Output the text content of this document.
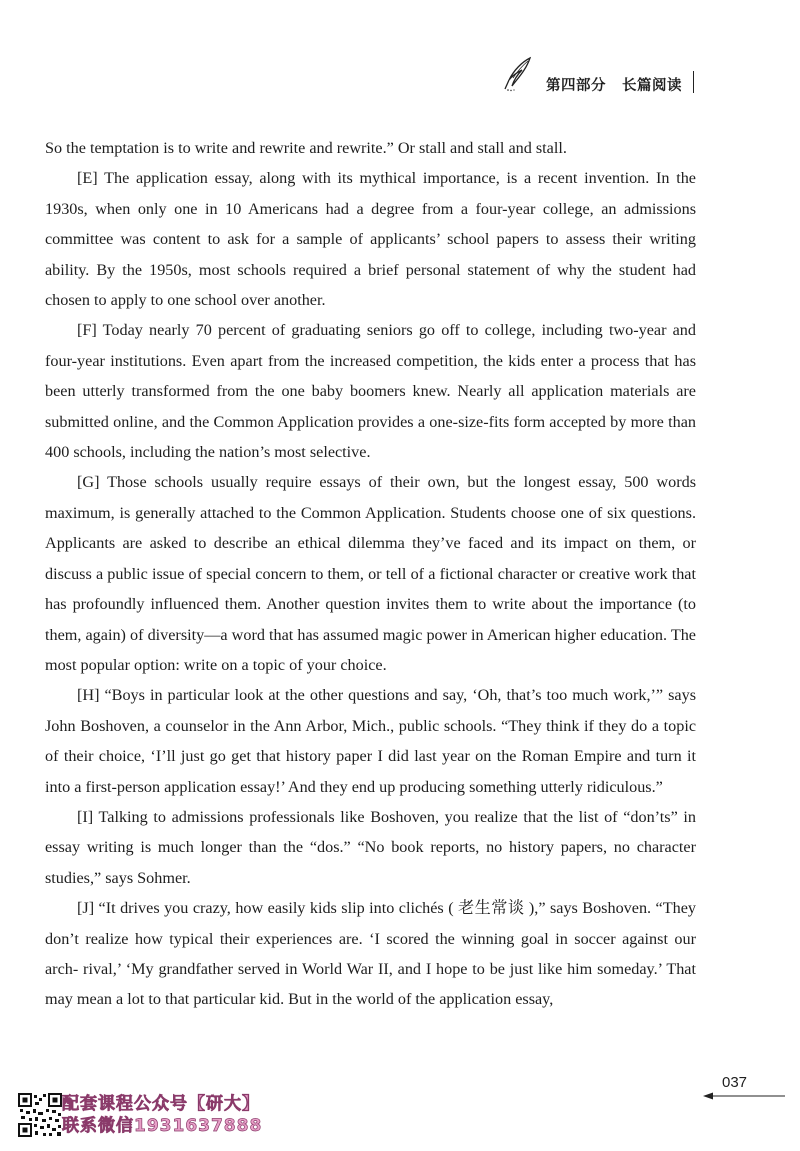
第四部分 长篇阅读

So the temptation is to write and rewrite and rewrite.” Or stall and stall and stall.

[E] The application essay, along with its mythical importance, is a recent invention. In the 1930s, when only one in 10 Americans had a degree from a four-year college, an admissions committee was content to ask for a sample of applicants’ school papers to assess their writing ability. By the 1950s, most schools required a brief personal statement of why the student had chosen to apply to one school over another.

[F] Today nearly 70 percent of graduating seniors go off to college, including two-year and four-year institutions. Even apart from the increased competition, the kids enter a process that has been utterly transformed from the one baby boomers knew. Nearly all application materials are submitted online, and the Common Application provides a one-size-fits form accepted by more than 400 schools, including the nation’s most selective.

[G] Those schools usually require essays of their own, but the longest essay, 500 words maximum, is generally attached to the Common Application. Students choose one of six questions. Applicants are asked to describe an ethical dilemma they’ve faced and its impact on them, or discuss a public issue of special concern to them, or tell of a fictional character or creative work that has profoundly influenced them. Another question invites them to write about the importance (to them, again) of diversity—a word that has assumed magic power in American higher education. The most popular option: write on a topic of your choice.

[H] “Boys in particular look at the other questions and say, ‘Oh, that’s too much work,’” says John Boshoven, a counselor in the Ann Arbor, Mich., public schools. “They think if they do a topic of their choice, ‘I’ll just go get that history paper I did last year on the Roman Empire and turn it into a first-person application essay!’ And they end up producing something utterly ridiculous.”

[I] Talking to admissions professionals like Boshoven, you realize that the list of “don’ts” in essay writing is much longer than the “dos.” “No book reports, no history papers, no character studies,” says Sohmer.

[J] “It drives you crazy, how easily kids slip into clichés ( 老生常谈 ),” says Boshoven. “They don’t realize how typical their experiences are. ‘I scored the winning goal in soccer against our arch- rival,’ ‘My grandfather served in World War II, and I hope to be just like him someday.’ That may mean a lot to that particular kid. But in the world of the application essay,

037
配套课程公众号【研大】
联系微信1931637888
